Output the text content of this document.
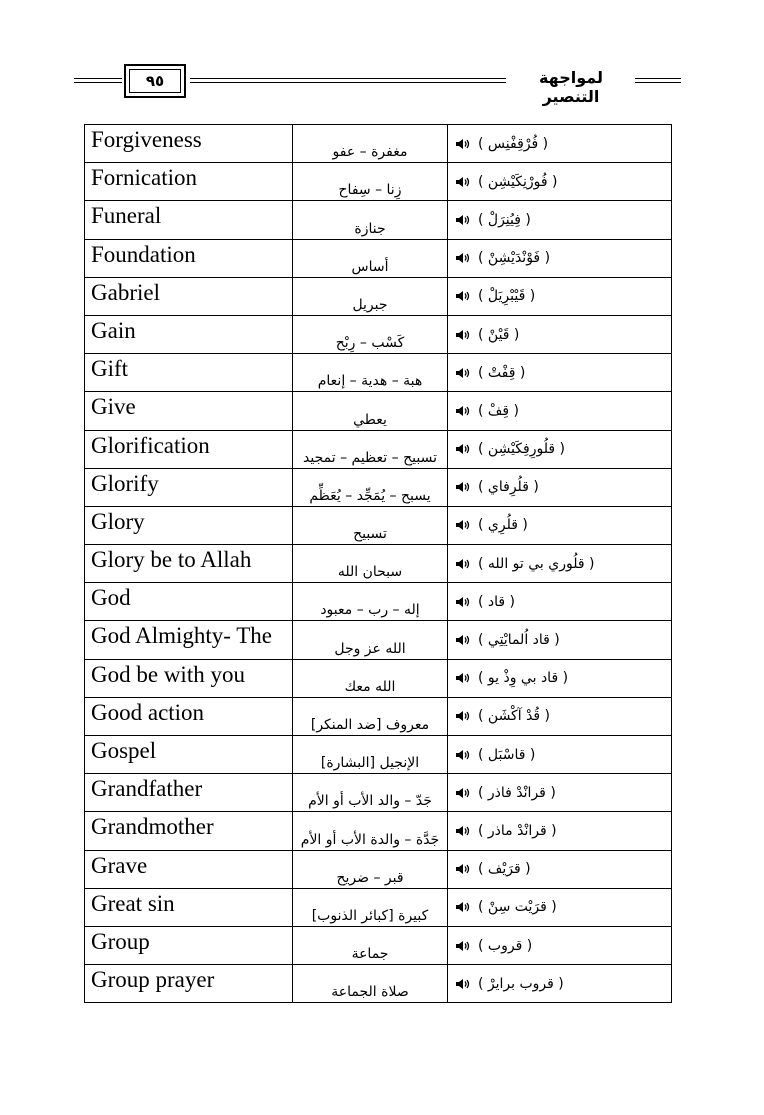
٩٥	لمواجهة التنصير
Forgiveness	مغفرة – عفو	( فُرْقِفْنِس )

Fornication	زِنا – سِفاح	( فُورْنِكَيْشِن )

Funeral	جنازة	( فِيُنِرَلْ )

Foundation	أساس	( فَوْنْدَيْشِنْ )

Gabriel	جبريل	( قَيْبْرِيَلْ )

Gain	كَسْب – رِبْح	( قَيْنْ )

Gift	هبة – هدية – إنعام	( قِفْتْ )

Give	يعطي	( قِفْ )

Glorification	تسبيح – تعظيم – تمجيد	( قلُورِفِكَيْشِن )

Glorify	يسبح – يُمَجِّد – يُعَظِّم	( قلُرِفاي )

Glory	تسبيح	( قلُرِي )

Glory be to Allah	سبحان الله	( قلُوري بي تو الله )

God	إله – رب – معبود	( قاد )

God Almighty- The	الله عز وجل	( قاد اُلمايْتِي )

God be with you	الله معك	( قاد بي وِذْ يو )

Good action	معروف [ضد المنكر]	( قُدْ آكْشَن )

Gospel	الإنجيل [البشارة]	( قاسْبَل )

Grandfather	جَدّ – والد الأب أو الأم	( قرانْدْ فاذر )

Grandmother	جَدَّة – والدة الأب أو الأم	( قرانْدْ ماذر )

Grave	قبر – ضريح	( قرَيْف )

Great sin	كبيرة [كبائر الذنوب]	( قرَيْت سِنْ )

Group	جماعة	( قروب )

Group prayer	صلاة الجماعة	( قروب برايرْ )
